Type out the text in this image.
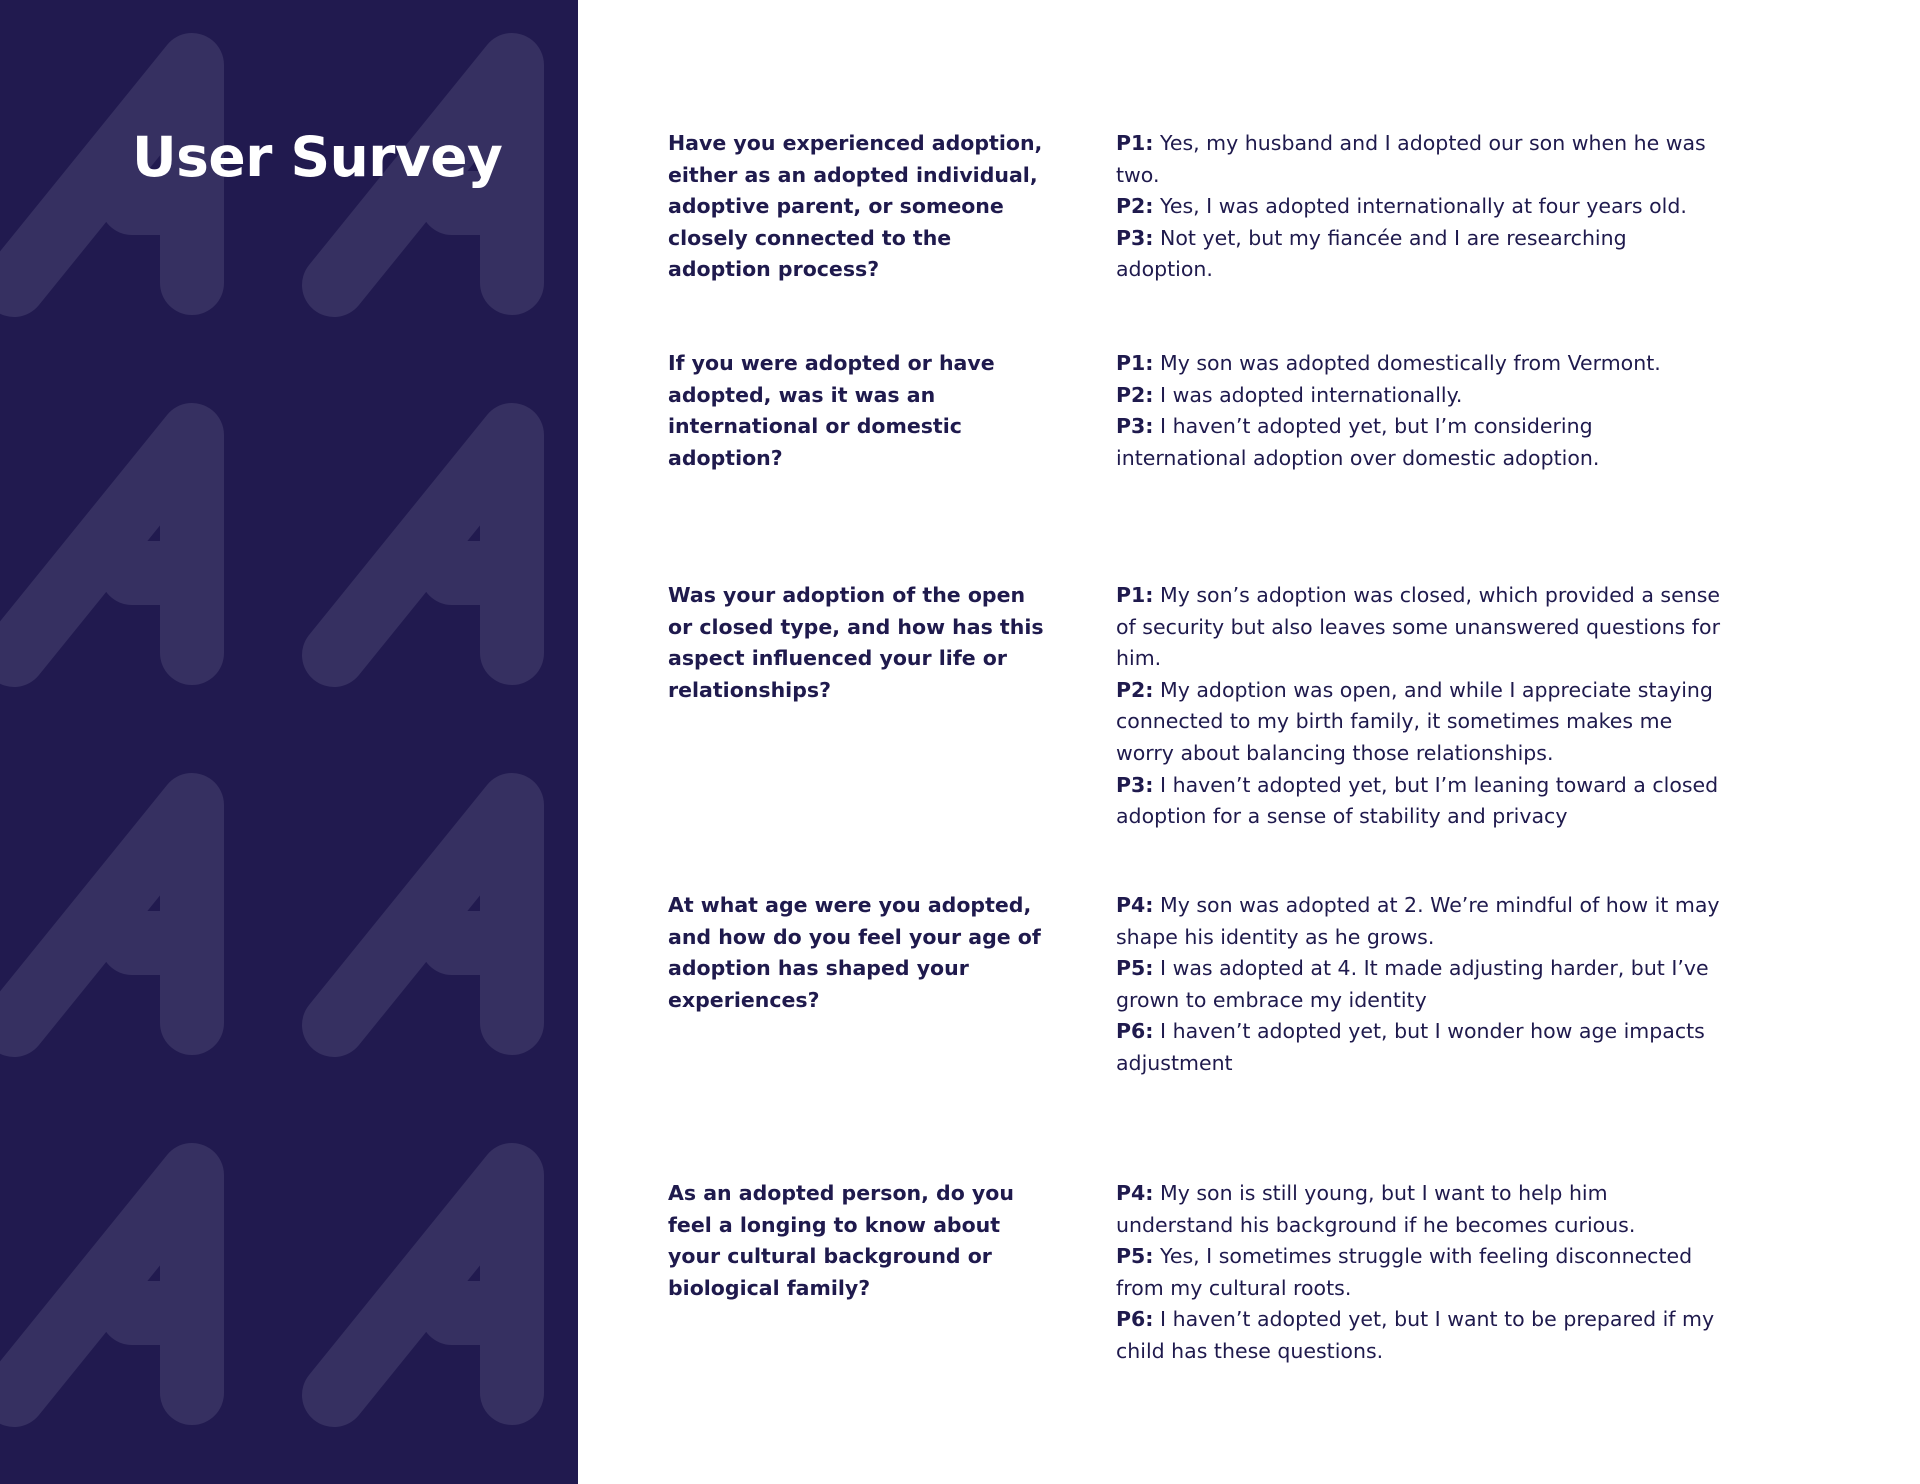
User Survey	Have you experienced adoption, either as an adopted individual, adoptive parent, or someone closely connected to the adoption process?

P1: Yes, my husband and I adopted our son when he was two.

P2: Yes, I was adopted internationally at four years old.

P3: Not yet, but my fiancée and I are researching adoption.

If you were adopted or have adopted, was it was an international or domestic adoption?

P1: My son was adopted domestically from Vermont.

P2: I was adopted internationally.

P3: I haven’t adopted yet, but I’m considering international adoption over domestic adoption.

Was your adoption of the open or closed type, and how has this aspect influenced your life or relationships?

P1: My son’s adoption was closed, which provided a sense of security but also leaves some unanswered questions for him.

P2: My adoption was open, and while I appreciate staying connected to my birth family, it sometimes makes me worry about balancing those relationships.

P3: I haven’t adopted yet, but I’m leaning toward a closed adoption for a sense of stability and privacy

At what age were you adopted, and how do you feel your age of adoption has shaped your experiences?

P4: My son was adopted at 2. We’re mindful of how it may shape his identity as he grows.

P5: I was adopted at 4. It made adjusting harder, but I’ve grown to embrace my identity

P6: I haven’t adopted yet, but I wonder how age impacts adjustment

As an adopted person, do you feel a longing to know about your cultural background or biological family?

P4: My son is still young, but I want to help him understand his background if he becomes curious.

P5: Yes, I sometimes struggle with feeling disconnected from my cultural roots.

P6: I haven’t adopted yet, but I want to be prepared if my child has these questions.
